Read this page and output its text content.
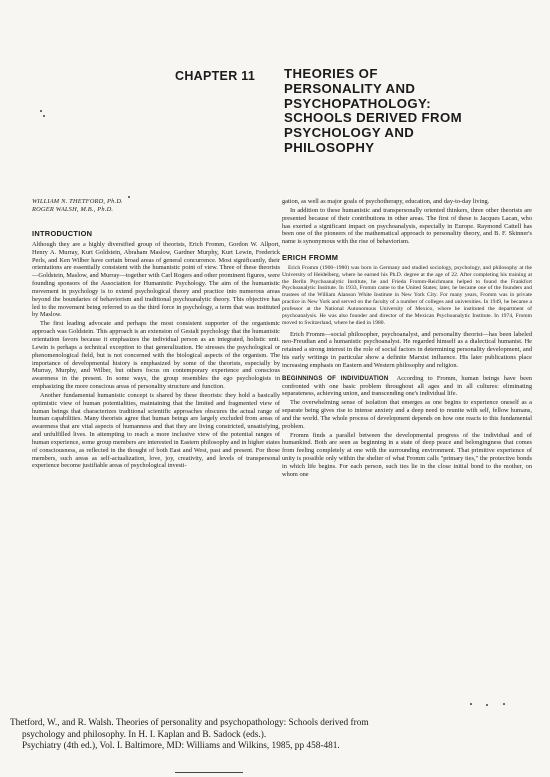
CHAPTER 11 THEORIES OF
PERSONALITY AND
PSYCHOPATHOLOGY:
SCHOOLS DERIVED FROM
PSYCHOLOGY AND
PHILOSOPHY
WILLIAM N. THETFORD, Ph.D.
ROGER WALSH, M.B., Ph.D.
INTRODUCTION

Although they are a highly diversified group of theorists, Erich Fromm, Gordon W. Allport, Henry A. Murray, Kurt Goldstein, Abraham Maslow, Gardner Murphy, Kurt Lewin, Frederick Perls, and Ken Wilber have certain broad areas of general concurrence. Most significantly, their orientations are essentially consistent with the humanistic point of view. Three of these theorists—Goldstein, Maslow, and Murray—together with Carl Rogers and other prominent figures, were founding sponsors of the Association for Humanistic Psychology. The aim of the humanistic movement in psychology is to extend psychological theory and practice into numerous areas beyond the boundaries of behaviorism and traditional psychoanalytic theory. This objective has led to the movement being referred to as the third force in psychology, a term that was instituted by Maslow.

The first leading advocate and perhaps the most consistent supporter of the organismic approach was Goldstein. This approach is an extension of Gestalt psychology that the humanistic orientation favors because it emphasizes the individual person as an integrated, holistic unit. Lewin is perhaps a technical exception to that generalization. He stresses the psychological or phenomenological field, but is not concerned with the biological aspects of the organism. The importance of developmental history is emphasized by some of the theorists, especially by Murray, Murphy, and Wilber, but others focus on contemporary experience and conscious awareness in the present. In some ways, the group resembles the ego psychologists in emphasizing the more conscious areas of personality structure and function.

Another fundamental humanistic concept is shared by these theorists: they hold a basically optimistic view of human potentialities, maintaining that the limited and fragmented view of human beings that characterizes traditional scientific approaches obscures the actual range of human capabilities. Many theorists agree that human beings are largely excluded from areas of awareness that are vital aspects of humanness and that they are living constricted, unsatisfying, and unfulfilled lives. In attempting to reach a more inclusive view of the potential ranges of human experience, some group members are interested in Eastern philosophy and in higher states of consciousness, as reflected in the thought of both East and West, past and present. For those members, such areas as self-actualization, love, joy, creativity, and levels of transpersonal experience become justifiable areas of psychological investi-

gation, as well as major goals of psychotherapy, education, and day-to-day living.

In addition to these humanistic and transpersonally oriented thinkers, three other theorists are presented because of their contributions in other areas. The first of these is Jacques Lacan, who has exerted a significant impact on psychoanalysis, especially in Europe. Raymond Cattell has been one of the pioneers of the mathematical approach to personality theory, and B. F. Skinner's name is synonymous with the rise of behaviorism.

ERICH FROMM

Erich Fromm (1900–1980) was born in Germany and studied sociology, psychology, and philosophy at the University of Heidelberg, where he earned his Ph.D. degree at the age of 22. After completing his training at the Berlin Psychoanalytic Institute, he and Frieda Fromm-Reichmann helped to found the Frankfort Psychoanalytic Institute. In 1933, Fromm came to the United States; later, he became one of the founders and trustees of the William Alanson White Institute in New York City. For many years, Fromm was in private practice in New York and served on the faculty of a number of colleges and universities. In 1949, he became a professor at the National Autonomous University of Mexico, where he instituted the department of psychoanalysis. He was also founder and director of the Mexican Psychoanalytic Institute. In 1974, Fromm moved to Switzerland, where he died in 1980.

Erich Fromm—social philosopher, psychoanalyst, and personality theorist—has been labeled neo-Freudian and a humanistic psychoanalyst. He regarded himself as a dialectical humanist. He retained a strong interest in the role of social factors in determining personality development, and his early writings in particular show a definite Marxist influence. His later publications place increasing emphasis on Eastern and Western philosophy and religion.

BEGINNINGS OF INDIVIDUATION According to Fromm, human beings have been confronted with one basic problem throughout all ages and in all cultures: eliminating separateness, achieving union, and transcending one's individual life.

The overwhelming sense of isolation that emerges as one begins to experience oneself as a separate being gives rise to intense anxiety and a deep need to reunite with self, fellow humans, and the world. The whole process of development depends on how one reacts to this fundamental problem.

Fromm finds a parallel between the developmental progress of the individual and of humankind. Both are seen as beginning in a state of deep peace and belongingness that comes from feeling completely at one with the surrounding environment. That primitive experience of unity is possible only within the shelter of what Fromm calls "primary ties," the protective bonds in which life begins. For each person, such ties lie in the close initial bond to the mother, on whom one

Thetford, W., and R. Walsh. Theories of personality and psychopathology: Schools derived from
psychology and philosophy. In H. I. Kaplan and B. Sadock (eds.).
Psychiatry (4th ed.), Vol. I. Baltimore, MD: Williams and Wilkins, 1985, pp 458-481.
